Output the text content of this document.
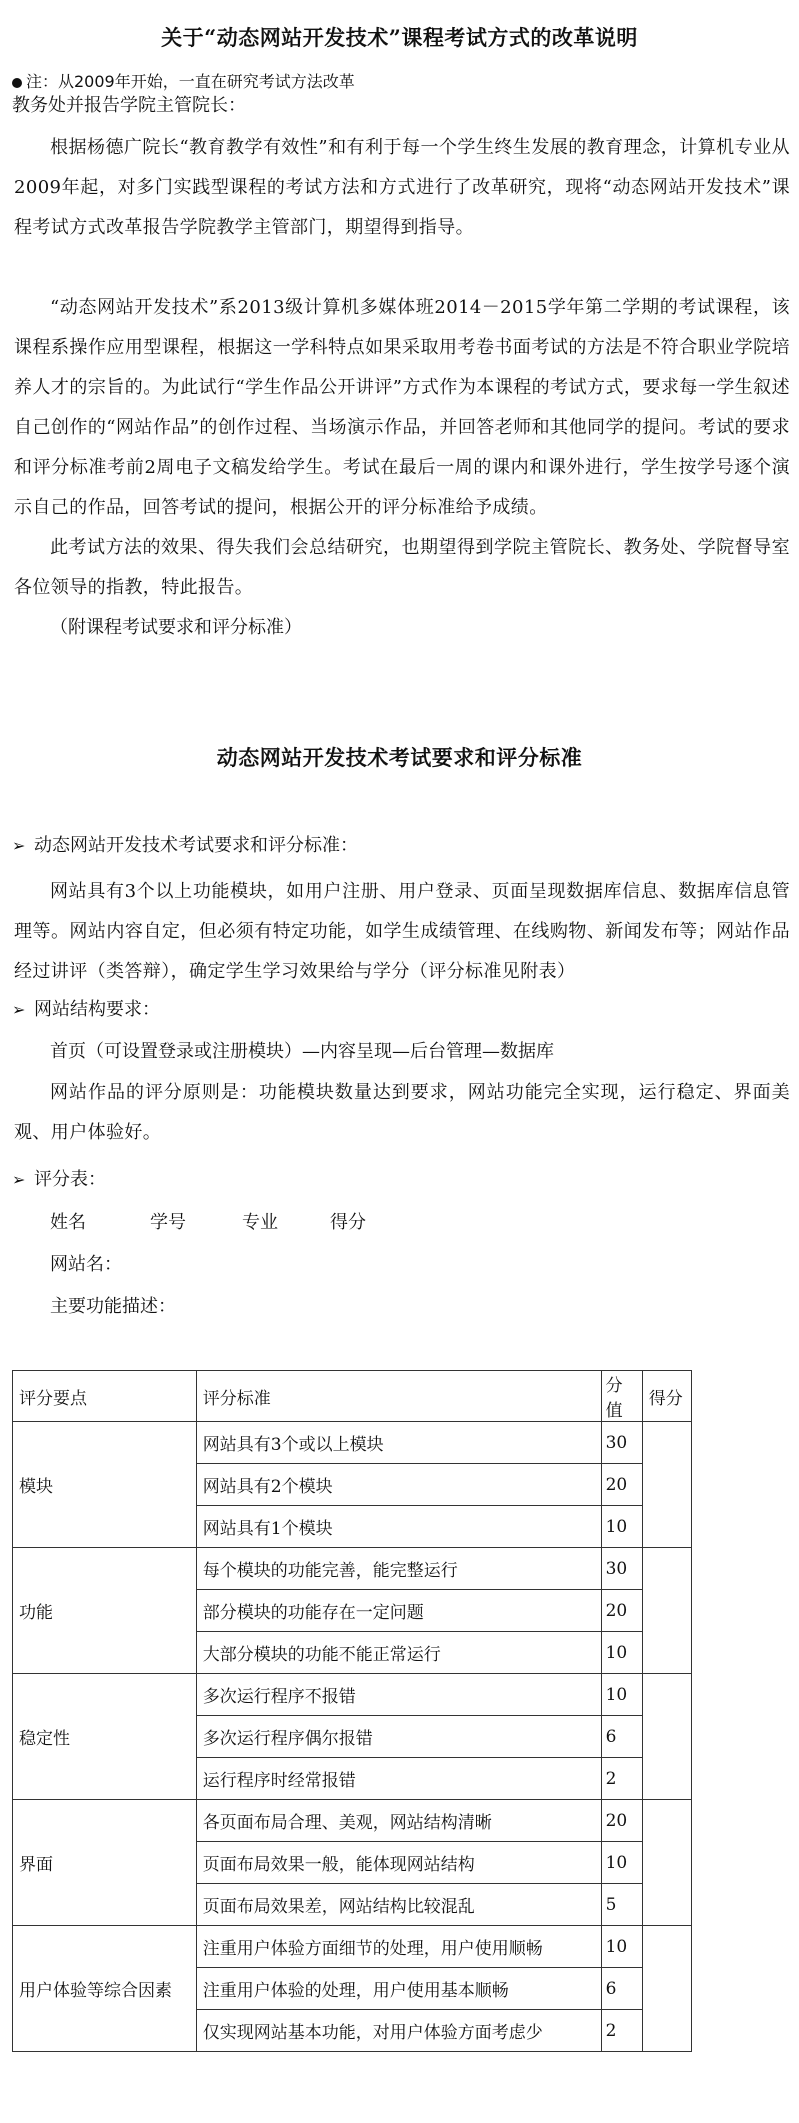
关于“动态网站开发技术”课程考试方式的改革说明
注：从2009年开始，一直在研究考试方法改革
教务处并报告学院主管院长：
根据杨德广院长“教育教学有效性”和有利于每一个学生终生发展的教育理念，计算机专业从2009年起，对多门实践型课程的考试方法和方式进行了改革研究，现将“动态网站开发技术”课程考试方式改革报告学院教学主管部门，期望得到指导。
“动态网站开发技术”系2013级计算机多媒体班2014－2015学年第二学期的考试课程，该课程系操作应用型课程，根据这一学科特点如果采取用考卷书面考试的方法是不符合职业学院培养人才的宗旨的。为此试行“学生作品公开讲评”方式作为本课程的考试方式，要求每一学生叙述自己创作的“网站作品”的创作过程、当场演示作品，并回答老师和其他同学的提问。考试的要求和评分标准考前2周电子文稿发给学生。考试在最后一周的课内和课外进行，学生按学号逐个演示自己的作品，回答考试的提问，根据公开的评分标准给予成绩。
此考试方法的效果、得失我们会总结研究，也期望得到学院主管院长、教务处、学院督导室各位领导的指教，特此报告。
（附课程考试要求和评分标准）
动态网站开发技术考试要求和评分标准
➢ 动态网站开发技术考试要求和评分标准：
网站具有3个以上功能模块，如用户注册、用户登录、页面呈现数据库信息、数据库信息管理等。网站内容自定，但必须有特定功能，如学生成绩管理、在线购物、新闻发布等；网站作品经过讲评（类答辩），确定学生学习效果给与学分（评分标准见附表）
➢ 网站结构要求：
首页（可设置登录或注册模块）—内容呈现—后台管理—数据库
网站作品的评分原则是：功能模块数量达到要求，网站功能完全实现，运行稳定、界面美观、用户体验好。
➢ 评分表：
姓名	学号	专业	得分
网站名：
主要功能描述：
评分要点	评分标准	分值	得分
模块	网站具有3个或以上模块	30	
	网站具有2个模块	20	
	网站具有1个模块	10	
功能	每个模块的功能完善，能完整运行	30	
	部分模块的功能存在一定问题	20	
	大部分模块的功能不能正常运行	10	
稳定性	多次运行程序不报错	10	
	多次运行程序偶尔报错	6	
	运行程序时经常报错	2	
界面	各页面布局合理、美观，网站结构清晰	20	
	页面布局效果一般，能体现网站结构	10	
	页面布局效果差，网站结构比较混乱	5	
用户体验等综合因素	注重用户体验方面细节的处理，用户使用顺畅	10	
	注重用户体验的处理，用户使用基本顺畅	6	
	仅实现网站基本功能，对用户体验方面考虑少	2	
